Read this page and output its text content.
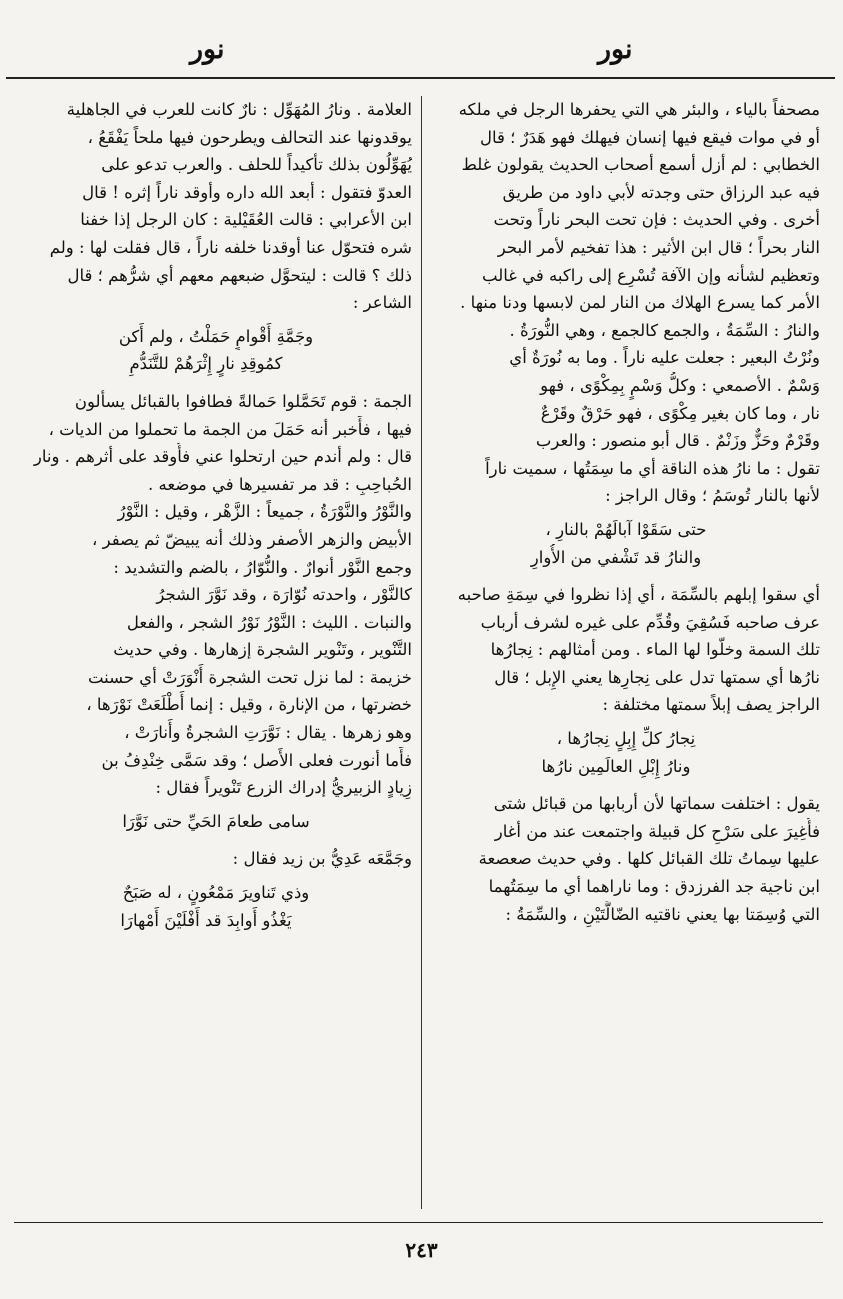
نور
نور

مصحفاً بالياء ، والبئر هي التي يحفرها الرجل في ملكه
أو في موات فيقع فيها إنسان فيهلك فهو هَدَرٌ ؛ قال
الخطابي : لم أزل أسمع أصحاب الحديث يقولون غلط
فيه عبد الرزاق حتى وجدته لأبي داود من طريق
أخرى . وفي الحديث : فإن تحت البحر ناراً وتحت
النار بحراً ؛ قال ابن الأثير : هذا تفخيم لأمر البحر
وتعظيم لشأنه وإن الآفة تُسْرِع إلى راكبه في غالب
الأمر كما يسرع الهلاك من النار لمن لابسها ودنا منها .
والنارُ : السِّمَةُ ، والجمع كالجمع ، وهي النُّورَةُ .
ونُرْتُ البعير : جعلت عليه ناراً . وما به نُورَةٌ أي
وَسْمٌ . الأصمعي : وكلُّ وَسْمٍ بِمِكْوًى ، فهو
نار ، وما كان بغير مِكْوًى ، فهو حَرْقٌ وقَرْعٌ
وقَرْمٌ وحَزٌّ وزَنْمٌ . قال أبو منصور : والعرب
تقول : ما نارُ هذه الناقة أي ما سِمَتُها ، سميت ناراً
لأنها بالنار تُوسَمُ ؛ وقال الراجز :

حتى سَقَوْا آبالَهُمْ بالنارِ ،
والنارُ قد تَشْفي من الأُوارِ

أي سقوا إبلهم بالسِّمَة ، أي إذا نظروا في سِمَةِ صاحبه
عرف صاحبه فَسُقِيَ وقُدِّم على غيره لشرف أرباب
تلك السمة وخلّوا لها الماء . ومن أمثالهم : نِجارُها
نارُها أي سمتها تدل على نِجارِها يعني الإِبل ؛ قال
الراجز يصف إبلاً سمتها مختلفة :

نِجارُ كلِّ إِبِلٍ نِجارُها ،
ونارُ إِبْلِ العالَمِين نارُها

يقول : اختلفت سماتها لأن أربابها من قبائل شتى
فأُغِيرَ على سَرْحِ كل قبيلة واجتمعت عند من أغار
عليها سِماتُ تلك القبائل كلها . وفي حديث صعصعة
ابن ناجية جد الفرزدق : وما ناراهما أي ما سِمَتُهما
التي وُسِمَتا بها يعني ناقتيه الضّالَّتَيْنِ ، والسِّمَةُ :

العلامة . ونارُ المُهَوِّل : نارٌ كانت للعرب في الجاهلية
يوقدونها عند التحالف ويطرحون فيها ملحاً يَفْقَعُ ،
يُهَوِّلُون بذلك تأكيداً للحلف . والعرب تدعو على
العدوّ فتقول : أبعد الله داره وأوقد ناراً إثره ! قال
ابن الأعرابي : قالت العُقَيْلية : كان الرجل إذا خفنا
شره فتحوّل عنا أوقدنا خلفه ناراً ، قال فقلت لها : ولم
ذلك ؟ قالت : ليتحوَّل ضبعهم معهم أي شرُّهم ؛ قال
الشاعر :

وجَمَّةِ أَقْوامٍ حَمَلْتُ ، ولم أَكن
كمُوقِدِ نارٍ إِثْرَهُمْ للتَّنَدُّمِ

الجمة : قوم تَحَمَّلوا حَمالةً فطافوا بالقبائل يسألون
فيها ، فأَخبر أنه حَمَلَ من الجمة ما تحملوا من الديات ،
قال : ولم أندم حين ارتحلوا عني فأُوقد على أثرهم . ونار
الحُباحِبِ : قد مر تفسيرها في موضعه .
والنَّوْرُ والنَّوْرَةُ ، جميعاً : الزَّهْر ، وقيل : النَّوْرُ
الأبيض والزهر الأصفر وذلك أنه يبيضّ ثم يصفر ،
وجمع النَّوْر أنوارٌ . والنُّوّارُ ، بالضم والتشديد :
كالنَّوْر ، واحدته نُوّارَة ، وقد نَوَّرَ الشجرُ
والنبات . الليث : النَّوْرُ نَوْرُ الشجر ، والفعل
التَّنْوير ، وتَنْوير الشجرة إزهارها . وفي حديث
خزيمة : لما نزل تحت الشجرة أَنْوَرَتْ أي حسنت
خضرتها ، من الإنارة ، وقيل : إنما أَطْلَعَتْ نَوْرَها ،
وهو زهرها . يقال : نَوَّرَتِ الشجرةُ وأَنارَتْ ،
فأَما أنورت فعلى الأَصل ؛ وقد سَمَّى خِنْدِفُ بن
زِيادٍ الزبيريُّ إدراك الزرع تَنْويراً فقال :

سامى طعامَ الحَيِّ حتى نَوَّرَا

وجَمَّعَه عَدِيُّ بن زيد فقال :

وذي تَناويرَ مَمْعُونٍ ، له صَبَحٌ
يَغْذُو أَوابِدَ قد أَفْلَيْنَ أَمْهارَا
٢٤٣
